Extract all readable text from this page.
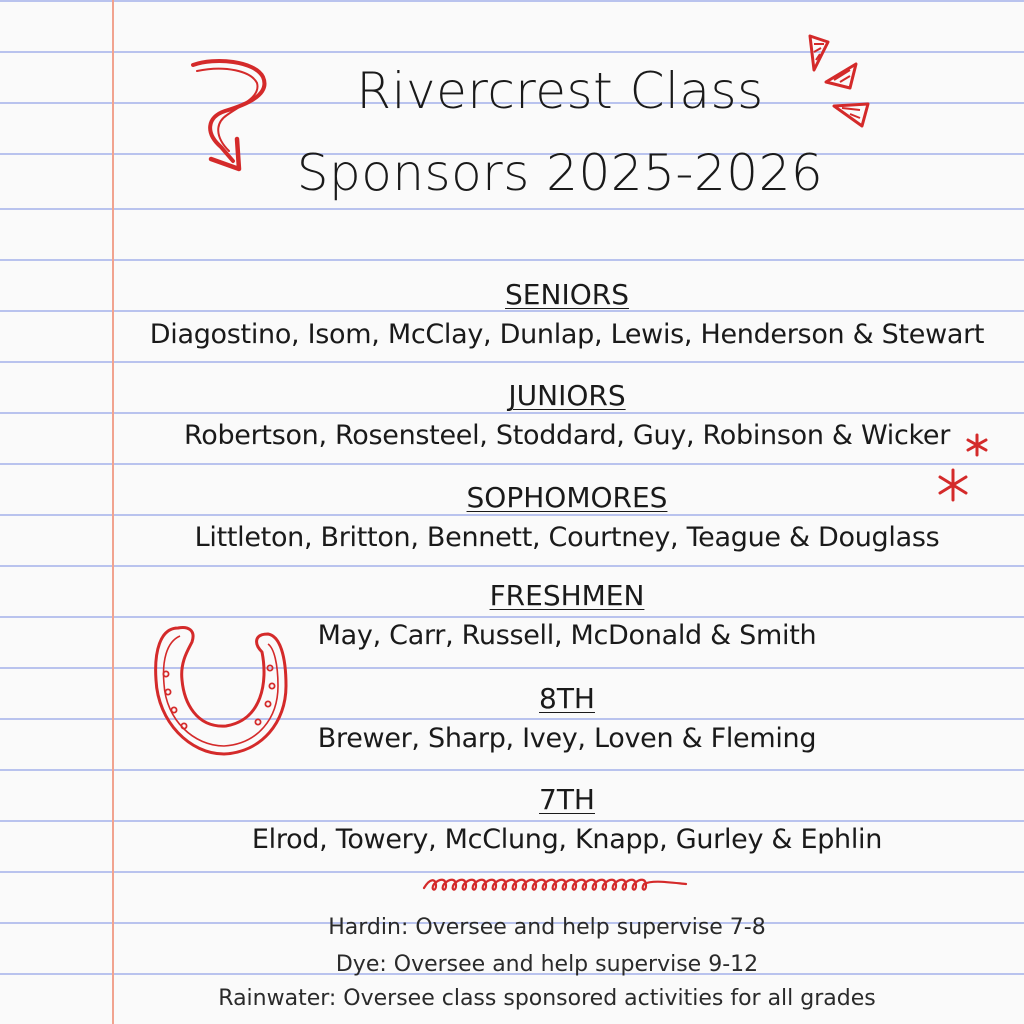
Rivercrest Class
Sponsors 2025-2026
SENIORS
Diagostino, Isom, McClay, Dunlap, Lewis, Henderson & Stewart
JUNIORS
Robertson, Rosensteel, Stoddard, Guy, Robinson & Wicker
SOPHOMORES
Littleton, Britton, Bennett, Courtney, Teague & Douglass
FRESHMEN
May, Carr, Russell, McDonald & Smith
8TH
Brewer, Sharp, Ivey, Loven & Fleming
7TH
Elrod, Towery, McClung, Knapp, Gurley & Ephlin
Hardin: Oversee and help supervise 7-8
Dye: Oversee and help supervise 9-12
Rainwater: Oversee class sponsored activities for all grades
